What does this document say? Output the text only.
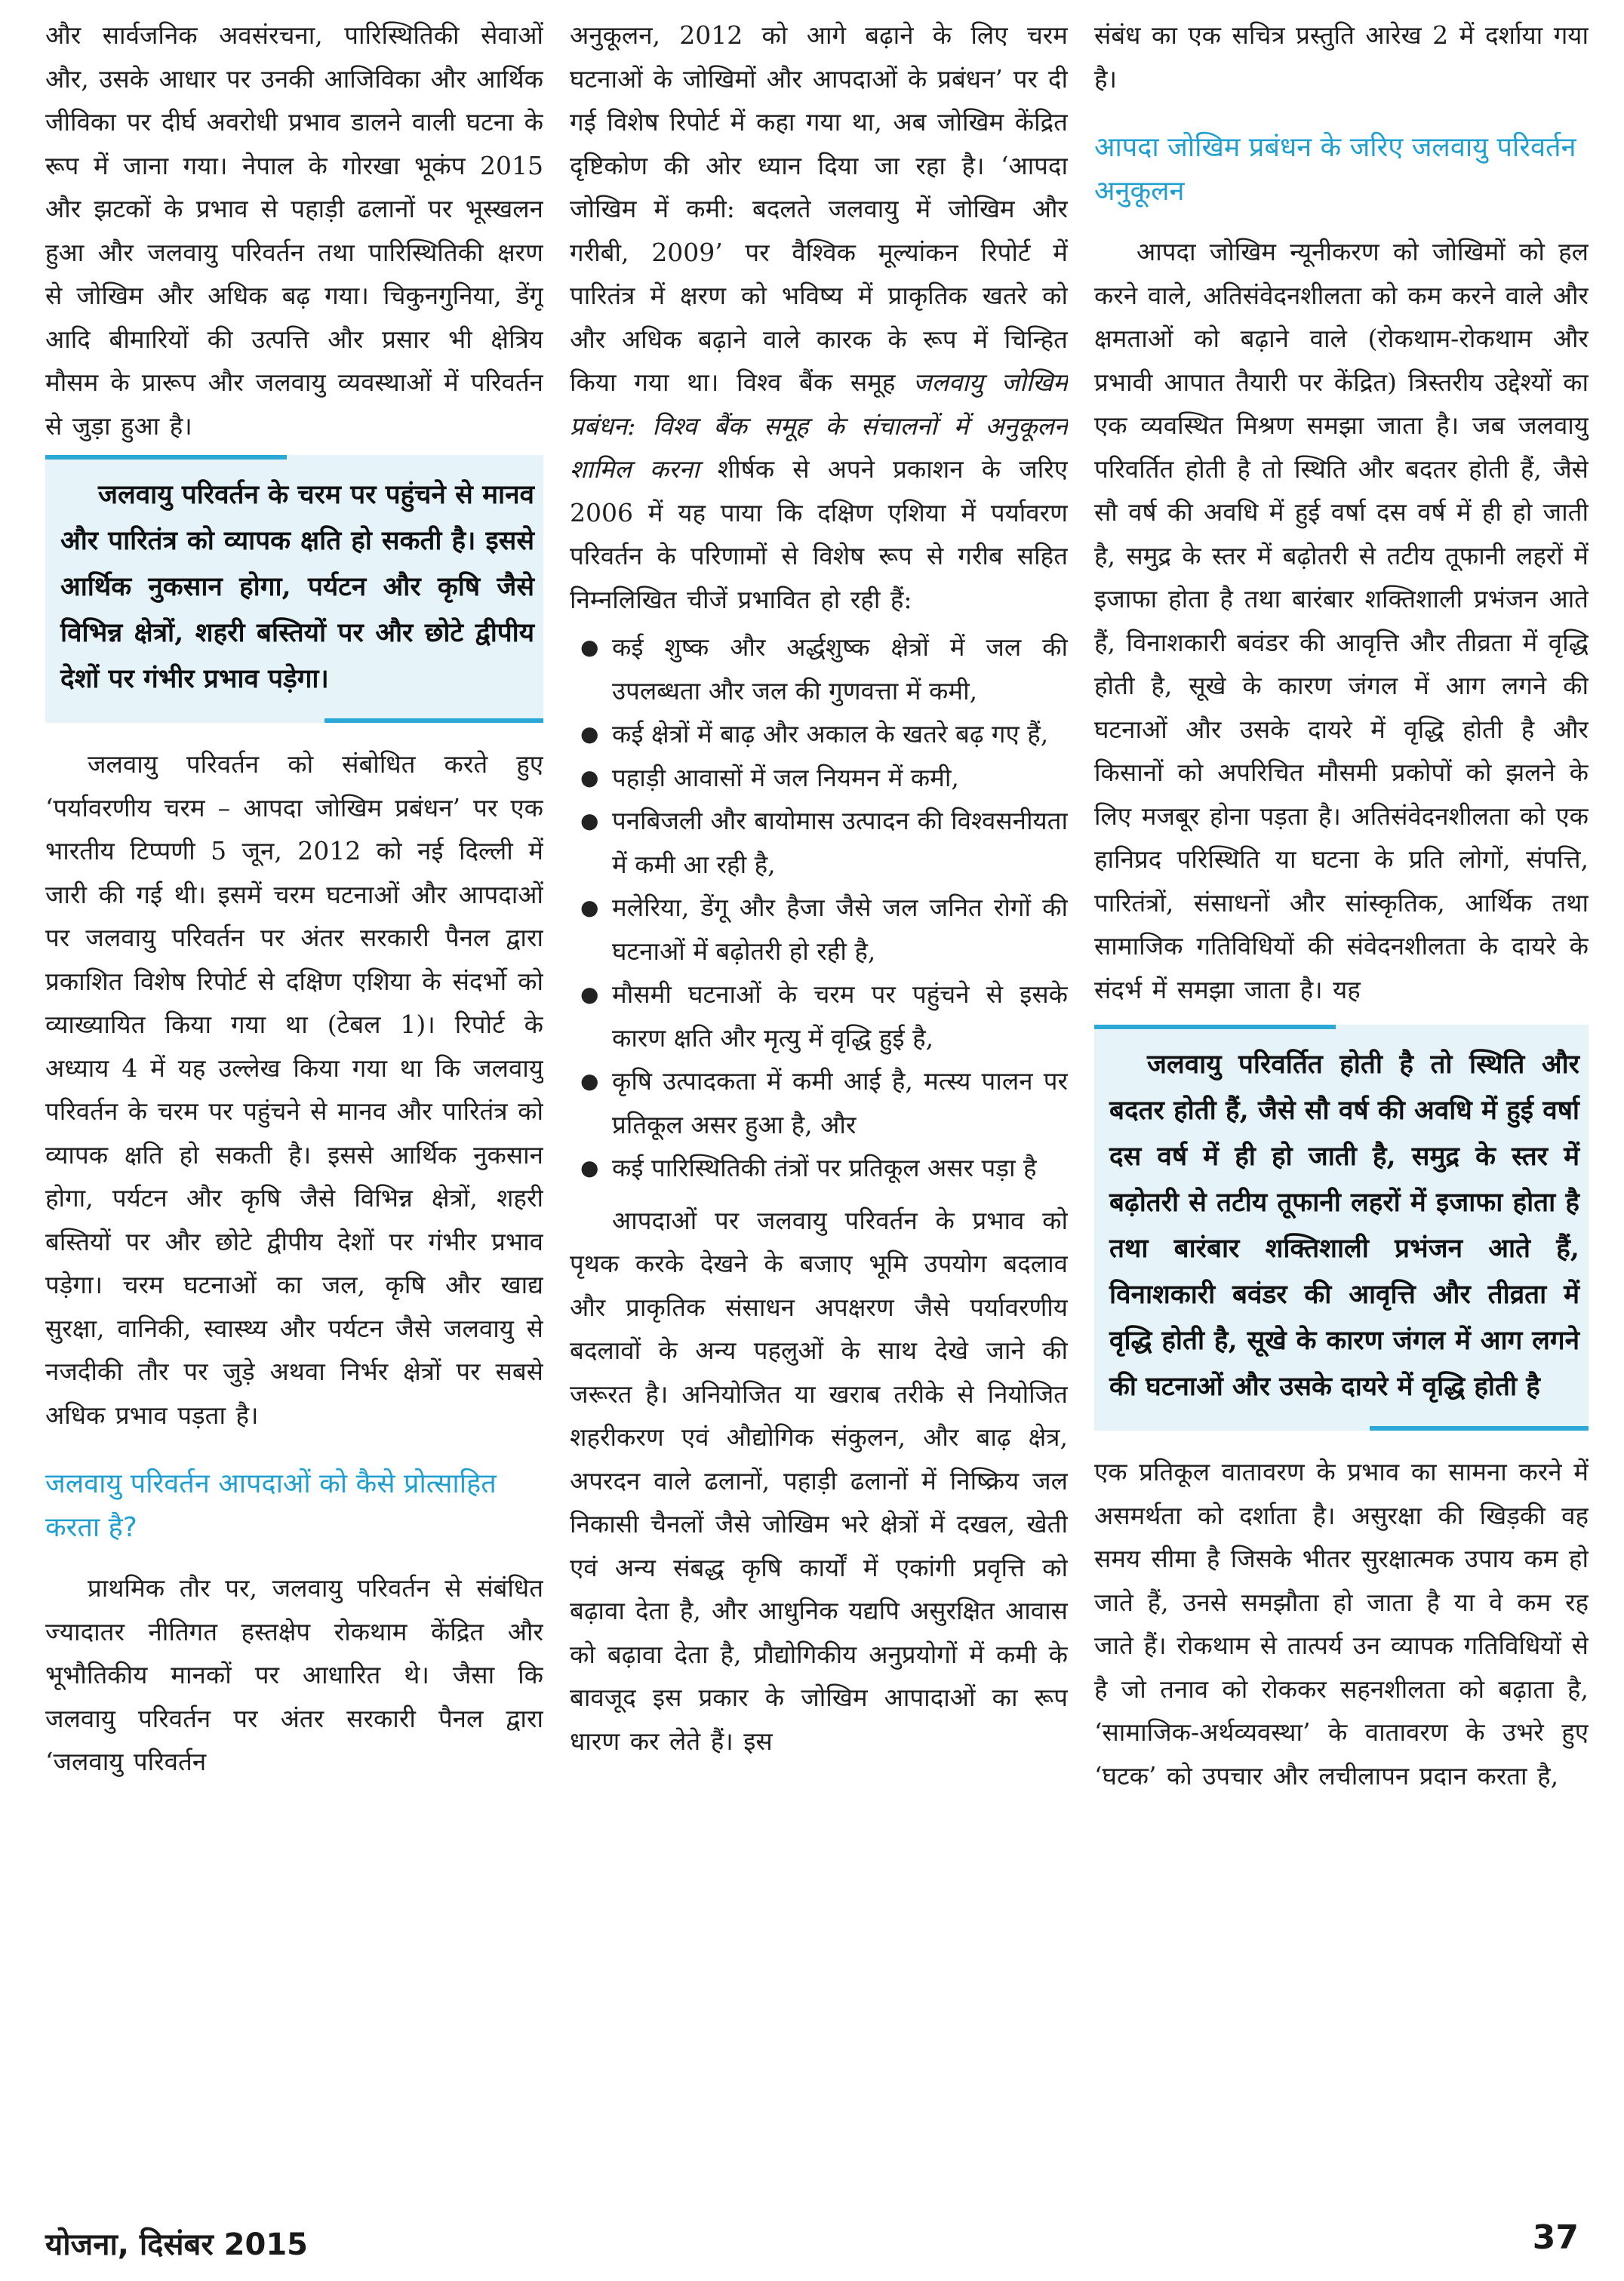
और सार्वजनिक अवसंरचना, पारिस्थितिकी सेवाओं और, उसके आधार पर उनकी आजिविका और आर्थिक जीविका पर दीर्घ अवरोधी प्रभाव डालने वाली घटना के रूप में जाना गया। नेपाल के गोरखा भूकंप 2015 और झटकों के प्रभाव से पहाड़ी ढलानों पर भूस्खलन हुआ और जलवायु परिवर्तन तथा पारिस्थितिकी क्षरण से जोखिम और अधिक बढ़ गया। चिकुनगुनिया, डेंगू आदि बीमारियों की उत्पत्ति और प्रसार भी क्षेत्रिय मौसम के प्रारूप और जलवायु व्यवस्थाओं में परिवर्तन से जुड़ा हुआ है।

जलवायु परिवर्तन के चरम पर पहुंचने से मानव और पारितंत्र को व्यापक क्षति हो सकती है। इससे आर्थिक नुकसान होगा, पर्यटन और कृषि जैसे विभिन्न क्षेत्रों, शहरी बस्तियों पर और छोटे द्वीपीय देशों पर गंभीर प्रभाव पड़ेगा।

जलवायु परिवर्तन को संबोधित करते हुए ‘पर्यावरणीय चरम – आपदा जोखिम प्रबंधन’ पर एक भारतीय टिप्पणी 5 जून, 2012 को नई दिल्ली में जारी की गई थी। इसमें चरम घटनाओं और आपदाओं पर जलवायु परिवर्तन पर अंतर सरकारी पैनल द्वारा प्रकाशित विशेष रिपोर्ट से दक्षिण एशिया के संदर्भो को व्याख्यायित किया गया था (टेबल 1)। रिपोर्ट के अध्याय 4 में यह उल्लेख किया गया था कि जलवायु परिवर्तन के चरम पर पहुंचने से मानव और पारितंत्र को व्यापक क्षति हो सकती है। इससे आर्थिक नुकसान होगा, पर्यटन और कृषि जैसे विभिन्न क्षेत्रों, शहरी बस्तियों पर और छोटे द्वीपीय देशों पर गंभीर प्रभाव पड़ेगा। चरम घटनाओं का जल, कृषि और खाद्य सुरक्षा, वानिकी, स्वास्थ्य और पर्यटन जैसे जलवायु से नजदीकी तौर पर जुड़े अथवा निर्भर क्षेत्रों पर सबसे अधिक प्रभाव पड़ता है।

जलवायु परिवर्तन आपदाओं को कैसे प्रोत्साहित करता है?

प्राथमिक तौर पर, जलवायु परिवर्तन से संबंधित ज्यादातर नीतिगत हस्तक्षेप रोकथाम केंद्रित और भूभौतिकीय मानकों पर आधारित थे। जैसा कि जलवायु परिवर्तन पर अंतर सरकारी पैनल द्वारा ‘जलवायु परिवर्तन

अनुकूलन, 2012 को आगे बढ़ाने के लिए चरम घटनाओं के जोखिमों और आपदाओं के प्रबंधन’ पर दी गई विशेष रिपोर्ट में कहा गया था, अब जोखिम केंद्रित दृष्टिकोण की ओर ध्यान दिया जा रहा है। ‘आपदा जोखिम में कमी: बदलते जलवायु में जोखिम और गरीबी, 2009’ पर वैश्विक मूल्यांकन रिपोर्ट में पारितंत्र में क्षरण को भविष्य में प्राकृतिक खतरे को और अधिक बढ़ाने वाले कारक के रूप में चिन्हित किया गया था। विश्व बैंक समूह जलवायु जोखिम प्रबंधन: विश्व बैंक समूह के संचालनों में अनुकूलन शामिल करना शीर्षक से अपने प्रकाशन के जरिए 2006 में यह पाया कि दक्षिण एशिया में पर्यावरण परिवर्तन के परिणामों से विशेष रूप से गरीब सहित निम्नलिखित चीजें प्रभावित हो रही हैं:

● कई शुष्क और अर्द्धशुष्क क्षेत्रों में जल की उपलब्धता और जल की गुणवत्ता में कमी,
● कई क्षेत्रों में बाढ़ और अकाल के खतरे बढ़ गए हैं,
● पहाड़ी आवासों में जल नियमन में कमी,
● पनबिजली और बायोमास उत्पादन की विश्वसनीयता में कमी आ रही है,
● मलेरिया, डेंगू और हैजा जैसे जल जनित रोगों की घटनाओं में बढ़ोतरी हो रही है,
● मौसमी घटनाओं के चरम पर पहुंचने से इसके कारण क्षति और मृत्यु में वृद्धि हुई है,
● कृषि उत्पादकता में कमी आई है, मत्स्य पालन पर प्रतिकूल असर हुआ है, और
● कई पारिस्थितिकी तंत्रों पर प्रतिकूल असर पड़ा है

आपदाओं पर जलवायु परिवर्तन के प्रभाव को पृथक करके देखने के बजाए भूमि उपयोग बदलाव और प्राकृतिक संसाधन अपक्षरण जैसे पर्यावरणीय बदलावों के अन्य पहलुओं के साथ देखे जाने की जरूरत है। अनियोजित या खराब तरीके से नियोजित शहरीकरण एवं औद्योगिक संकुलन, और बाढ़ क्षेत्र, अपरदन वाले ढलानों, पहाड़ी ढलानों में निष्क्रिय जल निकासी चैनलों जैसे जोखिम भरे क्षेत्रों में दखल, खेती एवं अन्य संबद्ध कृषि कार्यों में एकांगी प्रवृत्ति को बढ़ावा देता है, और आधुनिक यद्यपि असुरक्षित आवास को बढ़ावा देता है, प्रौद्योगिकीय अनुप्रयोगों में कमी के बावजूद इस प्रकार के जोखिम आपादाओं का रूप धारण कर लेते हैं। इस

संबंध का एक सचित्र प्रस्तुति आरेख 2 में दर्शाया गया है।

आपदा जोखिम प्रबंधन के जरिए जलवायु परिवर्तन अनुकूलन

आपदा जोखिम न्यूनीकरण को जोखिमों को हल करने वाले, अतिसंवेदनशीलता को कम करने वाले और क्षमताओं को बढ़ाने वाले (रोकथाम-रोकथाम और प्रभावी आपात तैयारी पर केंद्रित) त्रिस्तरीय उद्देश्यों का एक व्यवस्थित मिश्रण समझा जाता है। जब जलवायु परिवर्तित होती है तो स्थिति और बदतर होती हैं, जैसे सौ वर्ष की अवधि में हुई वर्षा दस वर्ष में ही हो जाती है, समुद्र के स्तर में बढ़ोतरी से तटीय तूफानी लहरों में इजाफा होता है तथा बारंबार शक्तिशाली प्रभंजन आते हैं, विनाशकारी बवंडर की आवृत्ति और तीव्रता में वृद्धि होती है, सूखे के कारण जंगल में आग लगने की घटनाओं और उसके दायरे में वृद्धि होती है और किसानों को अपरिचित मौसमी प्रकोपों को झलने के लिए मजबूर होना पड़ता है। अतिसंवेदनशीलता को एक हानिप्रद परिस्थिति या घटना के प्रति लोगों, संपत्ति, पारितंत्रों, संसाधनों और सांस्कृतिक, आर्थिक तथा सामाजिक गतिविधियों की संवेदनशीलता के दायरे के संदर्भ में समझा जाता है। यह

जलवायु परिवर्तित होती है तो स्थिति और बदतर होती हैं, जैसे सौ वर्ष की अवधि में हुई वर्षा दस वर्ष में ही हो जाती है, समुद्र के स्तर में बढ़ोतरी से तटीय तूफानी लहरों में इजाफा होता है तथा बारंबार शक्तिशाली प्रभंजन आते हैं, विनाशकारी बवंडर की आवृत्ति और तीव्रता में वृद्धि होती है, सूखे के कारण जंगल में आग लगने की घटनाओं और उसके दायरे में वृद्धि होती है

एक प्रतिकूल वातावरण के प्रभाव का सामना करने में असमर्थता को दर्शाता है। असुरक्षा की खिड़की वह समय सीमा है जिसके भीतर सुरक्षात्मक उपाय कम हो जाते हैं, उनसे समझौता हो जाता है या वे कम रह जाते हैं। रोकथाम से तात्पर्य उन व्यापक गतिविधियों से है जो तनाव को रोककर सहनशीलता को बढ़ाता है, ‘सामाजिक-अर्थव्यवस्था’ के वातावरण के उभरे हुए ‘घटक’ को उपचार और लचीलापन प्रदान करता है,

योजना, दिसंबर 2015	37
